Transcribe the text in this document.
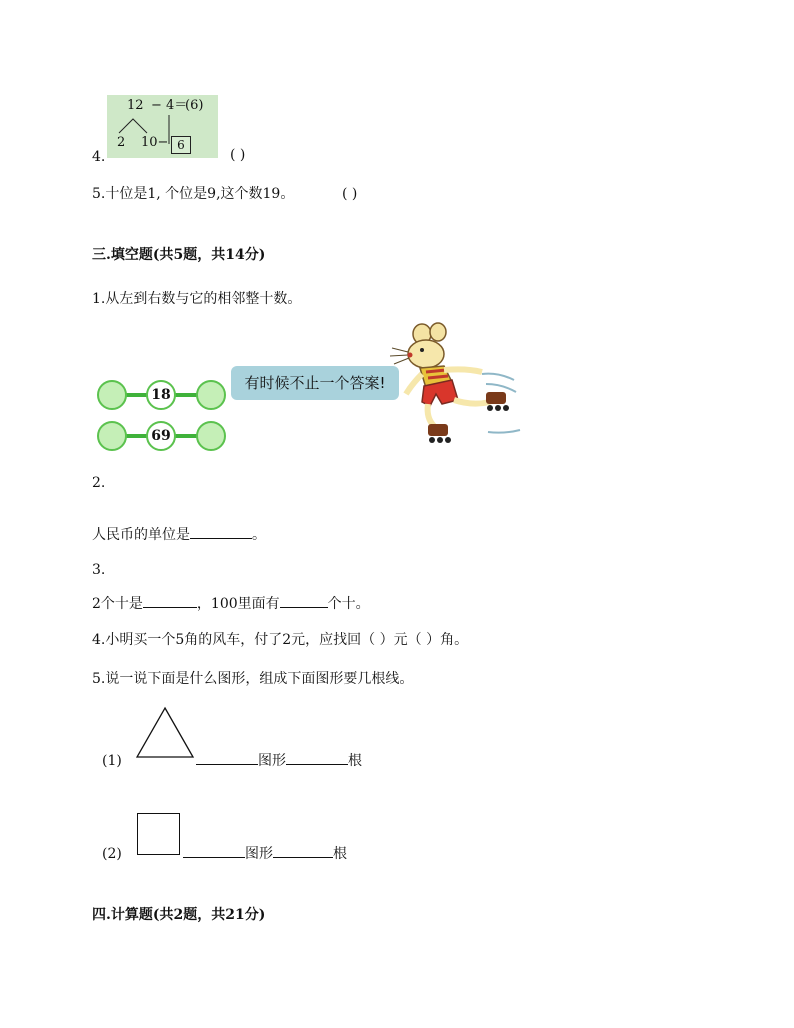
12 − 4＝
(6)
2 10− 6
4.	( )
5.十位是1, 个位是9,这个数19。	( )
三.填空题(共5题，共14分)
1.从左到右数与它的相邻整十数。
18
69
有时候不止一个答案!
2.
人民币的单位是	。
3.
2个十是	，100里面有	个十。
4.小明买一个5角的风车，付了2元，应找回（ ）元（ ）角。
5.说一说下面是什么图形，组成下面图形要几根线。
(1)	图形	根
(2)	图形	根
四.计算题(共2题，共21分)
